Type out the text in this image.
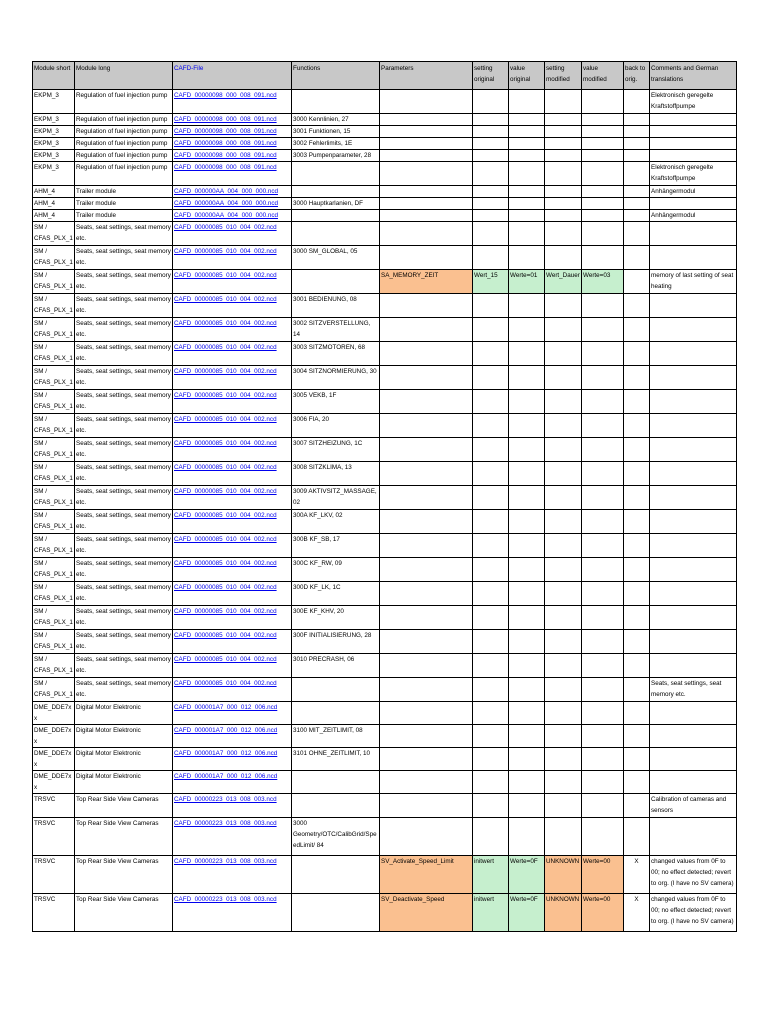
Module short	Module long	CAFD-File	Functions	Parameters	setting original	value original	setting modified	value modified	back to orig.	Comments and German translations
EKPM_3	Regulation of fuel injection pump	CAFD_00000098_000_008_091.ncd								Elektronisch geregelte Kraftstoffpumpe
EKPM_3	Regulation of fuel injection pump	CAFD_00000098_000_008_091.ncd	3000 Kennlinien, 27							
EKPM_3	Regulation of fuel injection pump	CAFD_00000098_000_008_091.ncd	3001 Funktionen, 15							
EKPM_3	Regulation of fuel injection pump	CAFD_00000098_000_008_091.ncd	3002 Fehlerlimits, 1E							
EKPM_3	Regulation of fuel injection pump	CAFD_00000098_000_008_091.ncd	3003 Pumpenparameter, 28							
EKPM_3	Regulation of fuel injection pump	CAFD_00000098_000_008_091.ncd								Elektronisch geregelte Kraftstoffpumpe
AHM_4	Trailer module	CAFD_000000AA_004_000_000.ncd								Anhängermodul
AHM_4	Trailer module	CAFD_000000AA_004_000_000.ncd	3000 Hauptkarlanien, DF							
AHM_4	Trailer module	CAFD_000000AA_004_000_000.ncd								Anhängermodul
SM / CFAS_PLX_1	Seats, seat settings, seat memory etc.	CAFD_00000085_010_004_002.ncd								
SM / CFAS_PLX_1	Seats, seat settings, seat memory etc.	CAFD_00000085_010_004_002.ncd	3000 SM_GLOBAL, 05							
SM / CFAS_PLX_1	Seats, seat settings, seat memory etc.	CAFD_00000085_010_004_002.ncd		SA_MEMORY_ZEIT	Wert_15	Werte=01	Wert_Dauer	Werte=03		memory of last setting of seat heating
SM / CFAS_PLX_1	Seats, seat settings, seat memory etc.	CAFD_00000085_010_004_002.ncd	3001 BEDIENUNG, 08							
SM / CFAS_PLX_1	Seats, seat settings, seat memory etc.	CAFD_00000085_010_004_002.ncd	3002 SITZVERSTELLUNG, 14							
SM / CFAS_PLX_1	Seats, seat settings, seat memory etc.	CAFD_00000085_010_004_002.ncd	3003 SITZMOTOREN, 68							
SM / CFAS_PLX_1	Seats, seat settings, seat memory etc.	CAFD_00000085_010_004_002.ncd	3004 SITZNORMIERUNG, 30							
SM / CFAS_PLX_1	Seats, seat settings, seat memory etc.	CAFD_00000085_010_004_002.ncd	3005 VEKB, 1F							
SM / CFAS_PLX_1	Seats, seat settings, seat memory etc.	CAFD_00000085_010_004_002.ncd	3006 FIA, 20							
SM / CFAS_PLX_1	Seats, seat settings, seat memory etc.	CAFD_00000085_010_004_002.ncd	3007 SITZHEIZUNG, 1C							
SM / CFAS_PLX_1	Seats, seat settings, seat memory etc.	CAFD_00000085_010_004_002.ncd	3008 SITZKLIMA, 13							
SM / CFAS_PLX_1	Seats, seat settings, seat memory etc.	CAFD_00000085_010_004_002.ncd	3009 AKTIVSITZ_MASSAGE, 02							
SM / CFAS_PLX_1	Seats, seat settings, seat memory etc.	CAFD_00000085_010_004_002.ncd	300A KF_LKV, 02							
SM / CFAS_PLX_1	Seats, seat settings, seat memory etc.	CAFD_00000085_010_004_002.ncd	300B KF_SB, 17							
SM / CFAS_PLX_1	Seats, seat settings, seat memory etc.	CAFD_00000085_010_004_002.ncd	300C KF_RW, 09							
SM / CFAS_PLX_1	Seats, seat settings, seat memory etc.	CAFD_00000085_010_004_002.ncd	300D KF_LK, 1C							
SM / CFAS_PLX_1	Seats, seat settings, seat memory etc.	CAFD_00000085_010_004_002.ncd	300E KF_KHV, 20							
SM / CFAS_PLX_1	Seats, seat settings, seat memory etc.	CAFD_00000085_010_004_002.ncd	300F INITIALISIERUNG, 28							
SM / CFAS_PLX_1	Seats, seat settings, seat memory etc.	CAFD_00000085_010_004_002.ncd	3010 PRECRASH, 06							
SM / CFAS_PLX_1	Seats, seat settings, seat memory etc.	CAFD_00000085_010_004_002.ncd								Seats, seat settings, seat memory etc.
DME_DDE7xx	Digital Motor Elektronic	CAFD_000001A7_000_012_006.ncd								
DME_DDE7xx	Digital Motor Elektronic	CAFD_000001A7_000_012_006.ncd	3100 MIT_ZEITLIMIT, 08							
DME_DDE7xx	Digital Motor Elektronic	CAFD_000001A7_000_012_006.ncd	3101 OHNE_ZEITLIMIT, 10							
DME_DDE7xx	Digital Motor Elektronic	CAFD_000001A7_000_012_006.ncd								
TRSVC	Top Rear Side View Cameras	CAFD_00000223_013_008_003.ncd								Calibration of cameras and sensors
TRSVC	Top Rear Side View Cameras	CAFD_00000223_013_008_003.ncd	3000 Geometry/OTC/CalibGrid/SpeedLimit/ 84							
TRSVC	Top Rear Side View Cameras	CAFD_00000223_013_008_003.ncd		SV_Activate_Speed_Limit	initwert	Werte=0F	UNKNOWN	Werte=00	X	changed values from 0F to 00; no effect detected; revert to org. (I have no SV camera)
TRSVC	Top Rear Side View Cameras	CAFD_00000223_013_008_003.ncd		SV_Deactivate_Speed	initwert	Werte=0F	UNKNOWN	Werte=00	X	changed values from 0F to 00; no effect detected; revert to org. (I have no SV camera)
